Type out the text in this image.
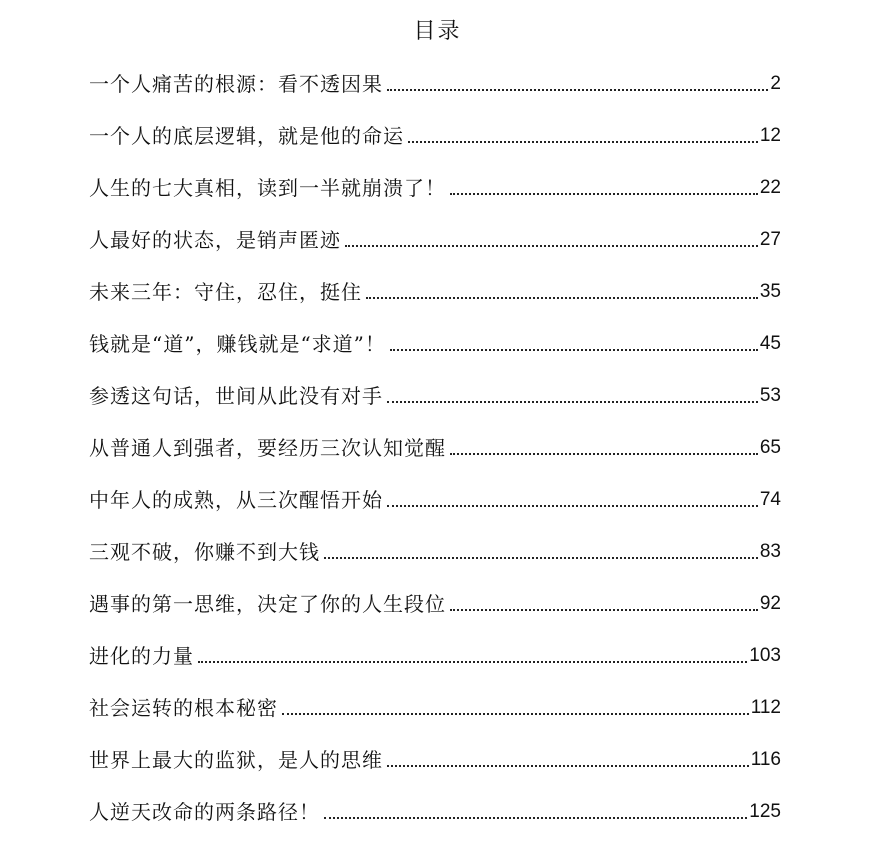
目录
一个人痛苦的根源：看不透因果	2
一个人的底层逻辑，就是他的命运	12
人生的七大真相，读到一半就崩溃了！	22
人最好的状态，是销声匿迹	27
未来三年：守住，忍住，挺住	35
钱就是“道”，赚钱就是“求道”！	45
参透这句话，世间从此没有对手	53
从普通人到强者，要经历三次认知觉醒	65
中年人的成熟，从三次醒悟开始	74
三观不破，你赚不到大钱	83
遇事的第一思维，决定了你的人生段位	92
进化的力量	103
社会运转的根本秘密	112
世界上最大的监狱，是人的思维	116
人逆天改命的两条路径！	125
